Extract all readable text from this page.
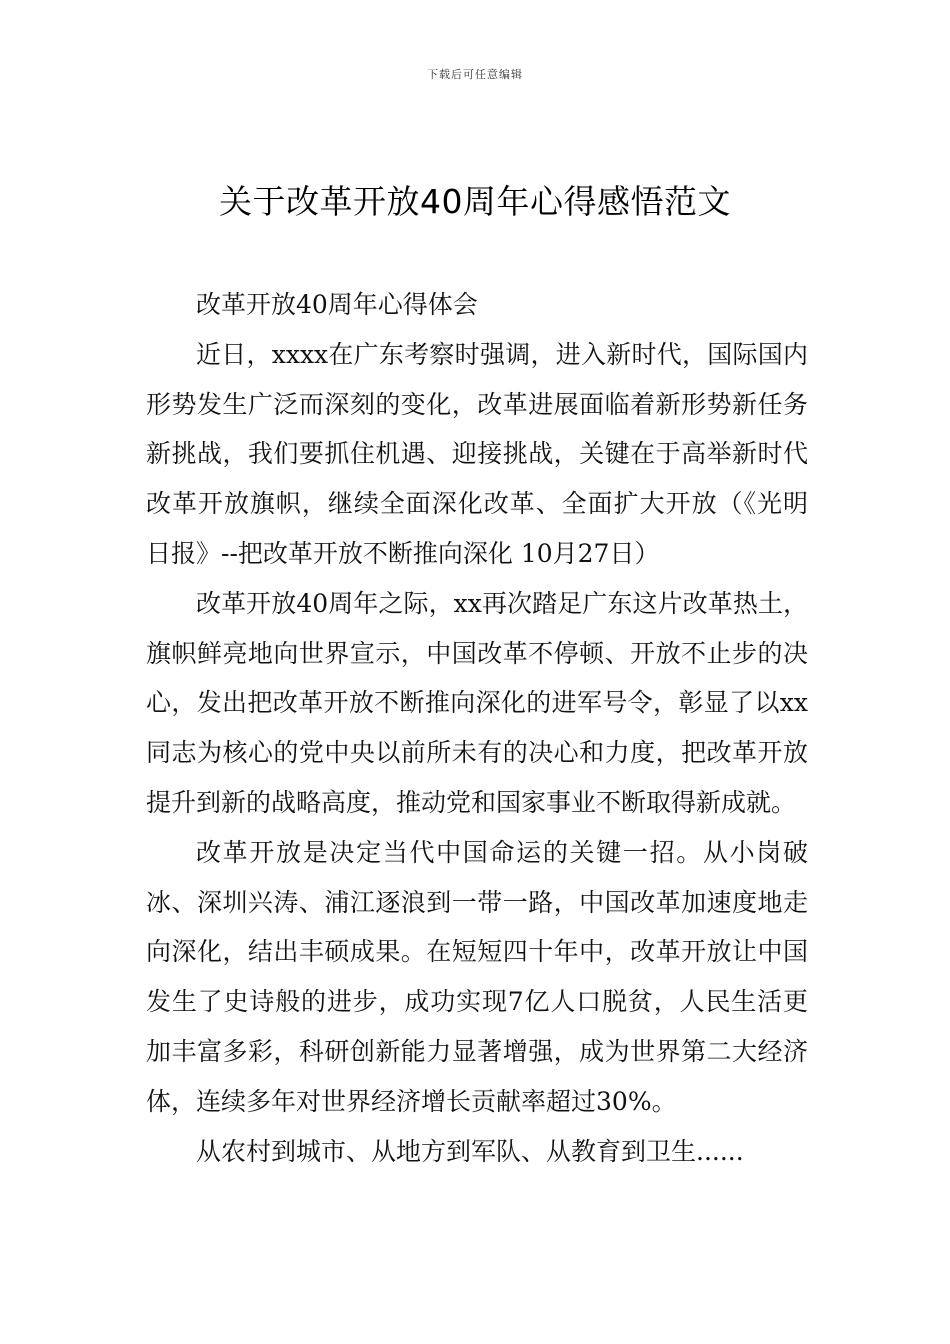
下载后可任意编辑
关于改革开放40周年心得感悟范文

改革开放40周年心得体会

近日，xxxx在广东考察时强调，进入新时代，国际国内形势发生广泛而深刻的变化，改革进展面临着新形势新任务新挑战，我们要抓住机遇、迎接挑战，关键在于高举新时代改革开放旗帜，继续全面深化改革、全面扩大开放（《光明日报》--把改革开放不断推向深化 10月27日）

改革开放40周年之际，xx再次踏足广东这片改革热土，旗帜鲜亮地向世界宣示，中国改革不停顿、开放不止步的决心，发出把改革开放不断推向深化的进军号令，彰显了以xx同志为核心的党中央以前所未有的决心和力度，把改革开放提升到新的战略高度，推动党和国家事业不断取得新成就。

改革开放是决定当代中国命运的关键一招。从小岗破冰、深圳兴涛、浦江逐浪到一带一路，中国改革加速度地走向深化，结出丰硕成果。在短短四十年中，改革开放让中国发生了史诗般的进步，成功实现7亿人口脱贫，人民生活更加丰富多彩，科研创新能力显著增强，成为世界第二大经济体，连续多年对世界经济增长贡献率超过30%。

从农村到城市、从地方到军队、从教育到卫生......
